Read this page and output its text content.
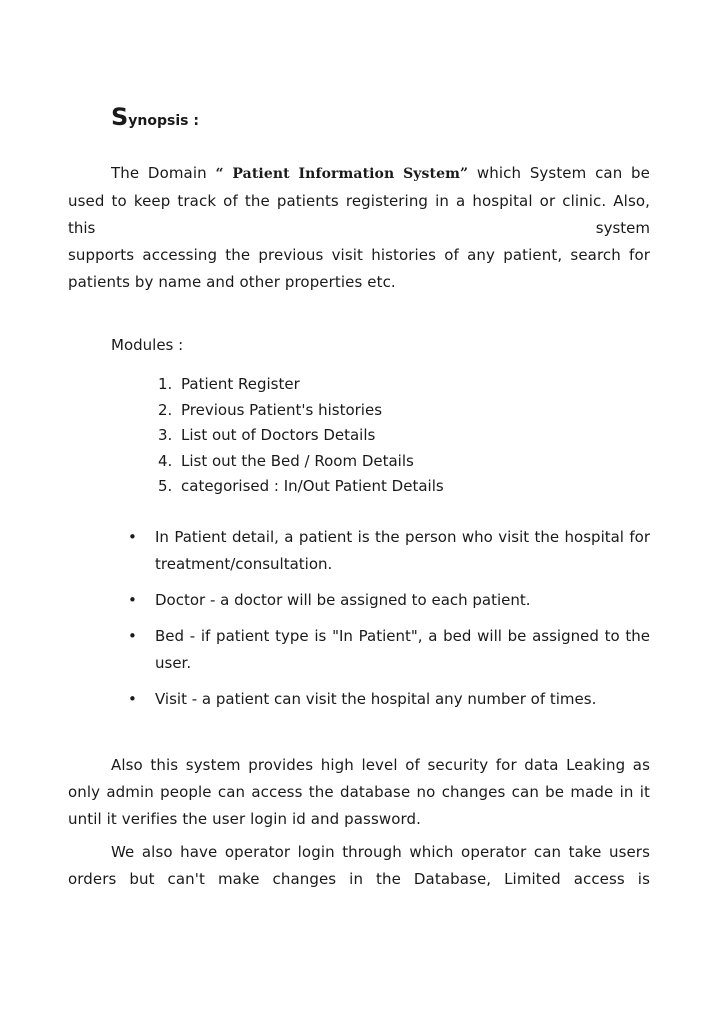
Synopsis :

The Domain “ Patient Information System” which System can be

used to keep track of the patients registering in a hospital or clinic. Also,

this	system

supports accessing the previous visit histories of any patient, search for patients by name and other properties etc.

Modules :

1. Patient Register
2. Previous Patient's histories
3. List out of Doctors Details
4. List out the Bed / Room Details
5. categorised : In/Out Patient Details
•	In Patient detail, a patient is the person who visit the hospital for treatment/consultation.
•	Doctor - a doctor will be assigned to each patient.
•	Bed - if patient type is "In Patient", a bed will be assigned to the user.
•	Visit - a patient can visit the hospital any number of times.

Also this system provides high level of security for data Leaking as only admin people can access the database no changes can be made in it until it verifies the user login id and password.

We also have operator login through which operator can take users orders but can't make changes in the Database, Limited access is
